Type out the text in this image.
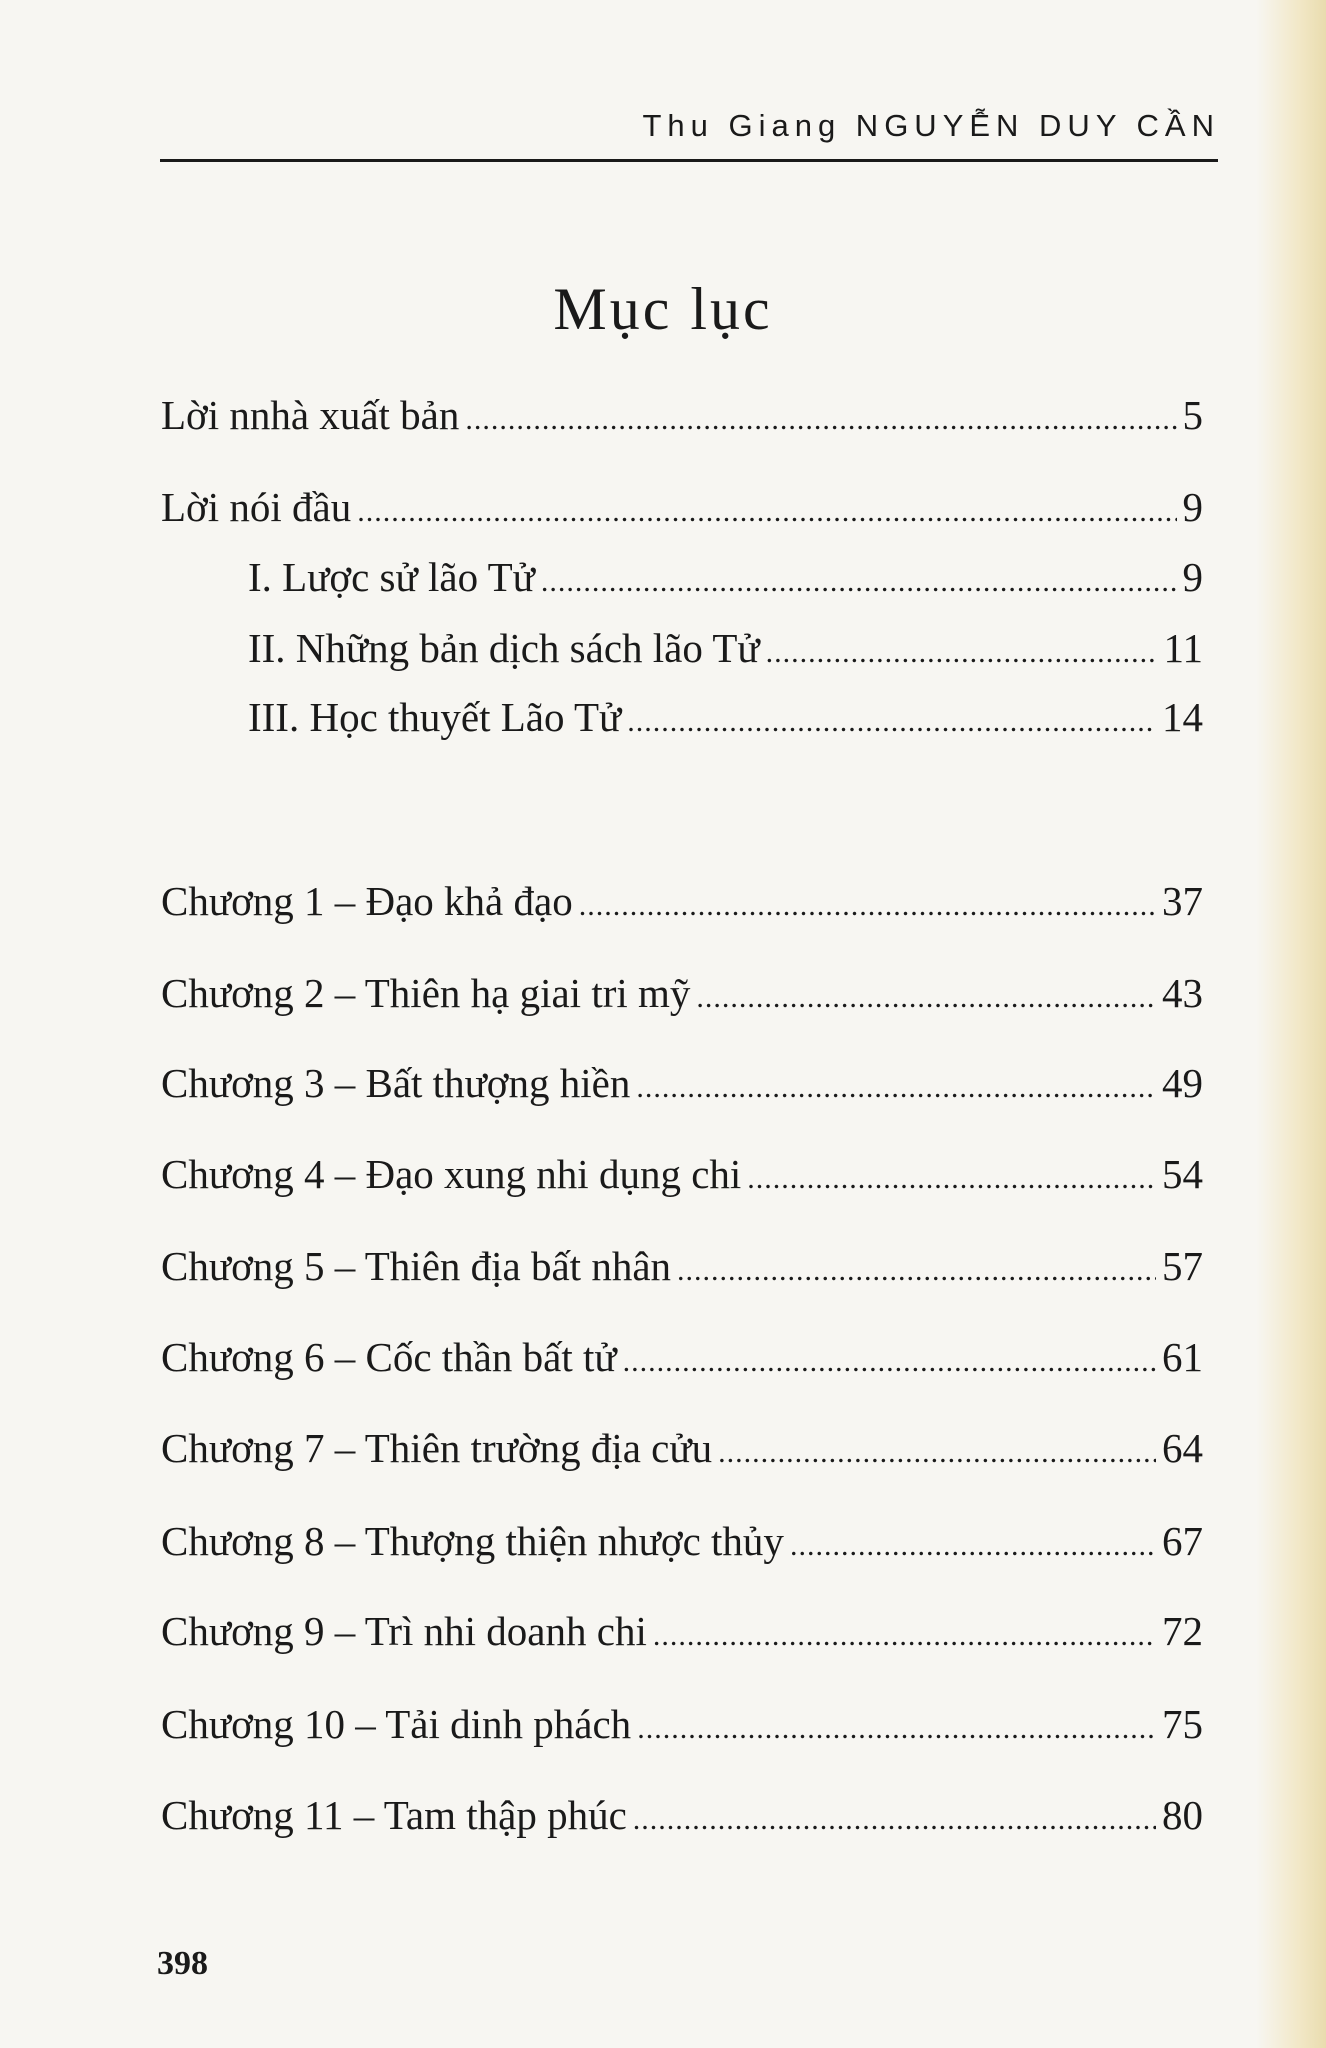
Thu Giang NGUYỄN DUY CẦN
Mục lục
Lời nnhà xuất bản .....	5
Lời nói đầu .....	9
I. Lược sử lão Tử .....	9
II. Những bản dịch sách lão Tử .....	11
III. Học thuyết Lão Tử .....	14
Chương 1 – Đạo khả đạo .....	37
Chương 2 – Thiên hạ giai tri mỹ .....	43
Chương 3 – Bất thượng hiền .....	49
Chương 4 – Đạo xung nhi dụng chi .....	54
Chương 5 – Thiên địa bất nhân .....	57
Chương 6 – Cốc thần bất tử .....	61
Chương 7 – Thiên trường địa cửu .....	64
Chương 8 – Thượng thiện nhược thủy .....	67
Chương 9 – Trì nhi doanh chi .....	72
Chương 10 – Tải dinh phách .....	75
Chương 11 – Tam thập phúc .....	80
398
